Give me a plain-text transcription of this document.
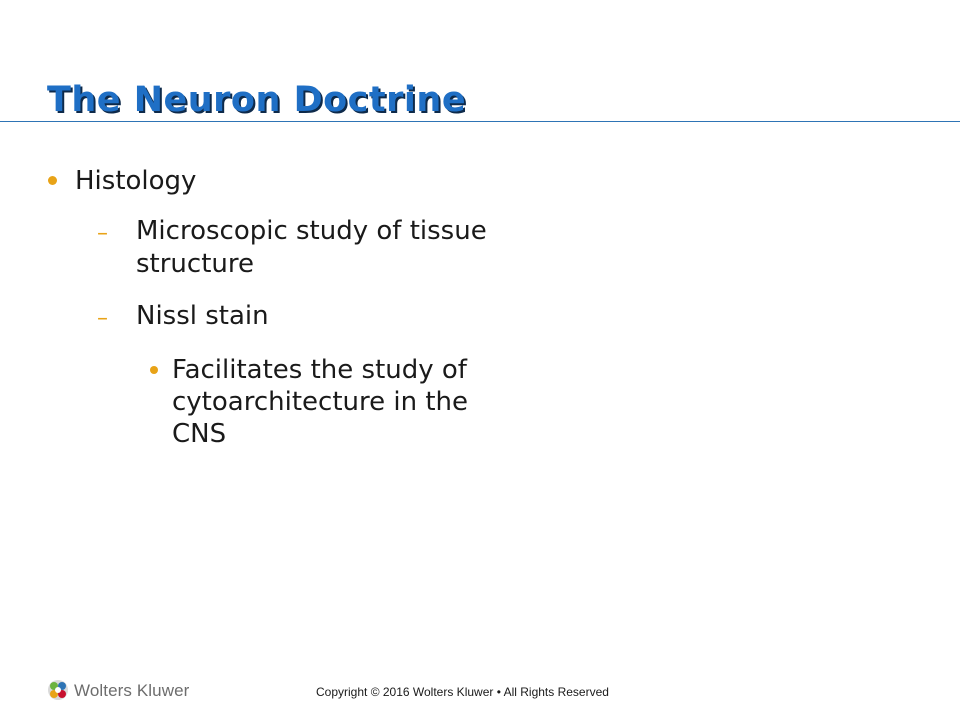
The Neuron Doctrine
Histology
– Microscopic study of tissue
structure
– Nissl stain
Facilitates the study of
cytoarchitecture in the
CNS
Wolters Kluwer	Copyright © 2016 Wolters Kluwer • All Rights Reserved
